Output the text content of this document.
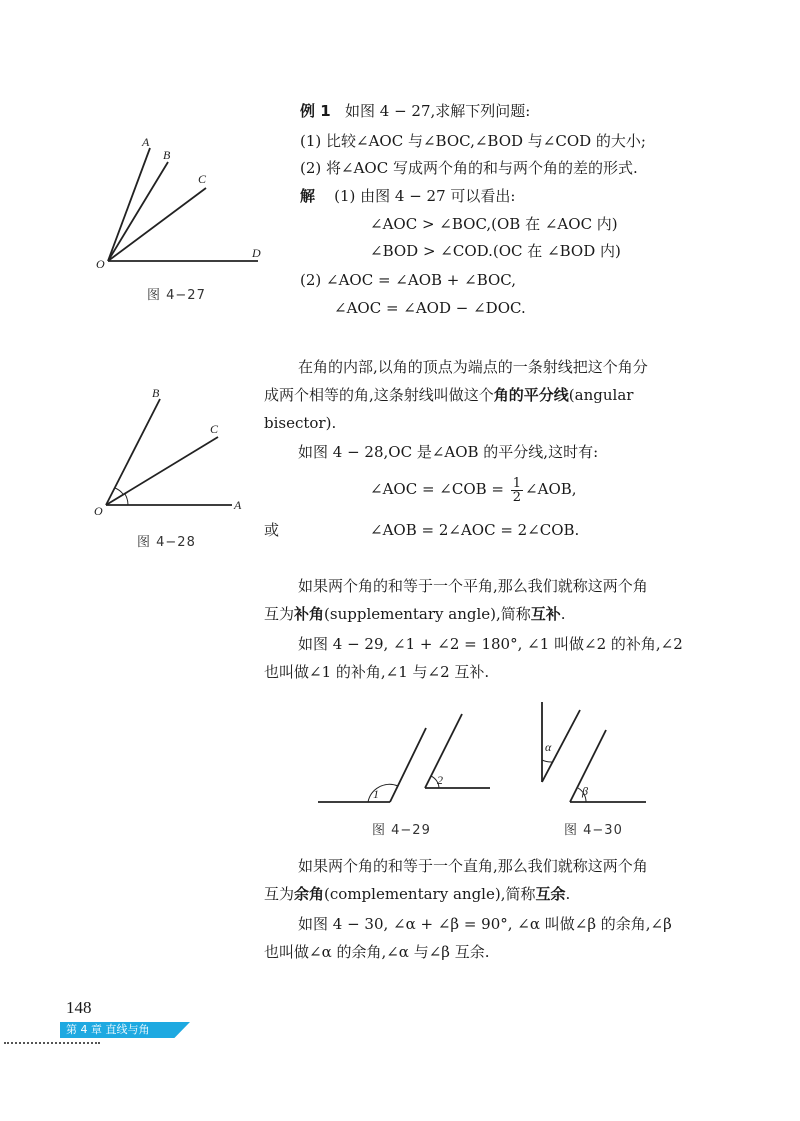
例 1 如图 4 − 27,求解下列问题:
(1) 比较∠AOC 与∠BOC,∠BOD 与∠COD 的大小;
(2) 将∠AOC 写成两个角的和与两个角的差的形式.
解 (1) 由图 4 − 27 可以看出:
∠AOC > ∠BOC,(OB 在 ∠AOC 内)
∠BOD > ∠COD.(OC 在 ∠BOD 内)
(2) ∠AOC = ∠AOB + ∠BOC,
∠AOC = ∠AOD − ∠DOC.
A
B
C
D
O
图 4−27
在角的内部,以角的顶点为端点的一条射线把这个角分
成两个相等的角,这条射线叫做这个角的平分线(angular
bisector).
如图 4 − 28,OC 是∠AOB 的平分线,这时有:
∠AOC = ∠COB = $\frac{1}{2}$ ∠AOB,
或	∠AOB = 2∠AOC = 2∠COB.
B
C
A
O
图 4−28
如果两个角的和等于一个平角,那么我们就称这两个角
互为补角(supplementary angle),简称互补.
如图 4 − 29, ∠1 + ∠2 = 180°, ∠1 叫做∠2 的补角,∠2
也叫做∠1 的补角,∠1 与∠2 互补.
1
2
图 4−29
α
β
图 4−30
如果两个角的和等于一个直角,那么我们就称这两个角
互为余角(complementary angle),简称互余.
如图 4 − 30, ∠α + ∠β = 90°, ∠α 叫做∠β 的余角,∠β
也叫做∠α 的余角,∠α 与∠β 互余.
148
第 4 章 直线与角
